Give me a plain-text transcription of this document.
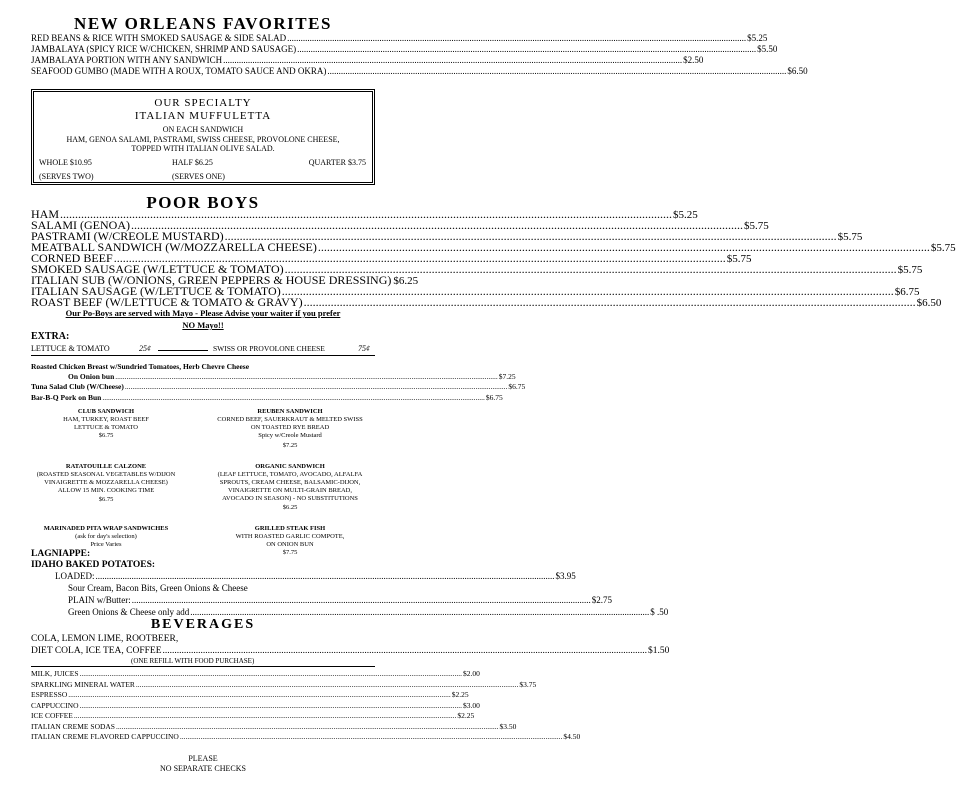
NEW ORLEANS FAVORITES
RED BEANS & RICE WITH SMOKED SAUSAGE & SIDE SALAD .....	$5.25
JAMBALAYA (SPICY RICE W/CHICKEN, SHRIMP AND SAUSAGE) .....	$5.50
JAMBALAYA PORTION WITH ANY SANDWICH .....	$2.50
SEAFOOD GUMBO (MADE WITH A ROUX, TOMATO SAUCE AND OKRA) .....	$6.50
OUR SPECIALTY
ITALIAN MUFFULETTA
ON EACH SANDWICH
HAM, GENOA SALAMI, PASTRAMI, SWISS CHEESE, PROVOLONE CHEESE,
TOPPED WITH ITALIAN OLIVE SALAD.
WHOLE $10.95	HALF $6.25	QUARTER $3.75
(SERVES TWO)	(SERVES ONE)
POOR BOYS
HAM .....	$5.25
SALAMI (GENOA) .....	$5.75
PASTRAMI (W/CREOLE MUSTARD) .....	$5.75
MEATBALL SANDWICH (W/MOZZARELLA CHEESE) .....	$5.75
CORNED BEEF .....	$5.75
SMOKED SAUSAGE (W/LETTUCE & TOMATO) .....	$5.75
ITALIAN SUB (W/ONIONS, GREEN PEPPERS & HOUSE DRESSING) $6.25
ITALIAN SAUSAGE (W/LETTUCE & TOMATO) .....	$6.75
ROAST BEEF (W/LETTUCE & TOMATO & GRAVY) .....	$6.50
Our Po-Boys are served with Mayo - Please Advise your waiter if you prefer
NO Mayo!!
EXTRA:
LETTUCE & TOMATO	25¢	SWISS OR PROVOLONE CHEESE	75¢
Roasted Chicken Breast w/Sundried Tomatoes, Herb Chevre Cheese
On Onion bun .....	$7.25
Tuna Salad Club (W/Cheese) .....	$6.75
Bar-B-Q Pork on Bun .....	$6.75
CLUB SANDWICH
HAM, TURKEY, ROAST BEEF
LETTUCE & TOMATO
$6.75
REUBEN SANDWICH
CORNED BEEF, SAUERKRAUT & MELTED SWISS
ON TOASTED RYE BREAD
Spicy w/Creole Mustard
$7.25
RATATOUILLE CALZONE
(ROASTED SEASONAL VEGETABLES W/DIJON
VINAIGRETTE & MOZZARELLA CHEESE)
ALLOW 15 MIN. COOKING TIME
$6.75
ORGANIC SANDWICH
(LEAF LETTUCE, TOMATO, AVOCADO, ALFALFA
SPROUTS, CREAM CHEESE, BALSAMIC-DIJON,
VINAIGRETTE ON MULTI-GRAIN BREAD,
AVOCADO IN SEASON) - NO SUBSTITUTIONS
$6.25
MARINADED PITA WRAP SANDWICHES
(ask for day's selection)
Price Varies
GRILLED STEAK FISH
WITH ROASTED GARLIC COMPOTE,
ON ONION BUN
$7.75
LAGNIAPPE:
IDAHO BAKED POTATOES:
LOADED: .....	$3.95
Sour Cream, Bacon Bits, Green Onions & Cheese
PLAIN w/Butter: .....	$2.75
Green Onions & Cheese only add .....	$ .50
BEVERAGES
COLA, LEMON LIME, ROOTBEER,
DIET COLA, ICE TEA, COFFEE .....	$1.50
(ONE REFILL WITH FOOD PURCHASE)
MILK, JUICES .....	$2.00
SPARKLING MINERAL WATER .....	$3.75
ESPRESSO .....	$2.25
CAPPUCCINO .....	$3.00
ICE COFFEE .....	$2.25
ITALIAN CREME SODAS .....	$3.50
ITALIAN CREME FLAVORED CAPPUCCINO .....	$4.50
PLEASE
NO SEPARATE CHECKS
